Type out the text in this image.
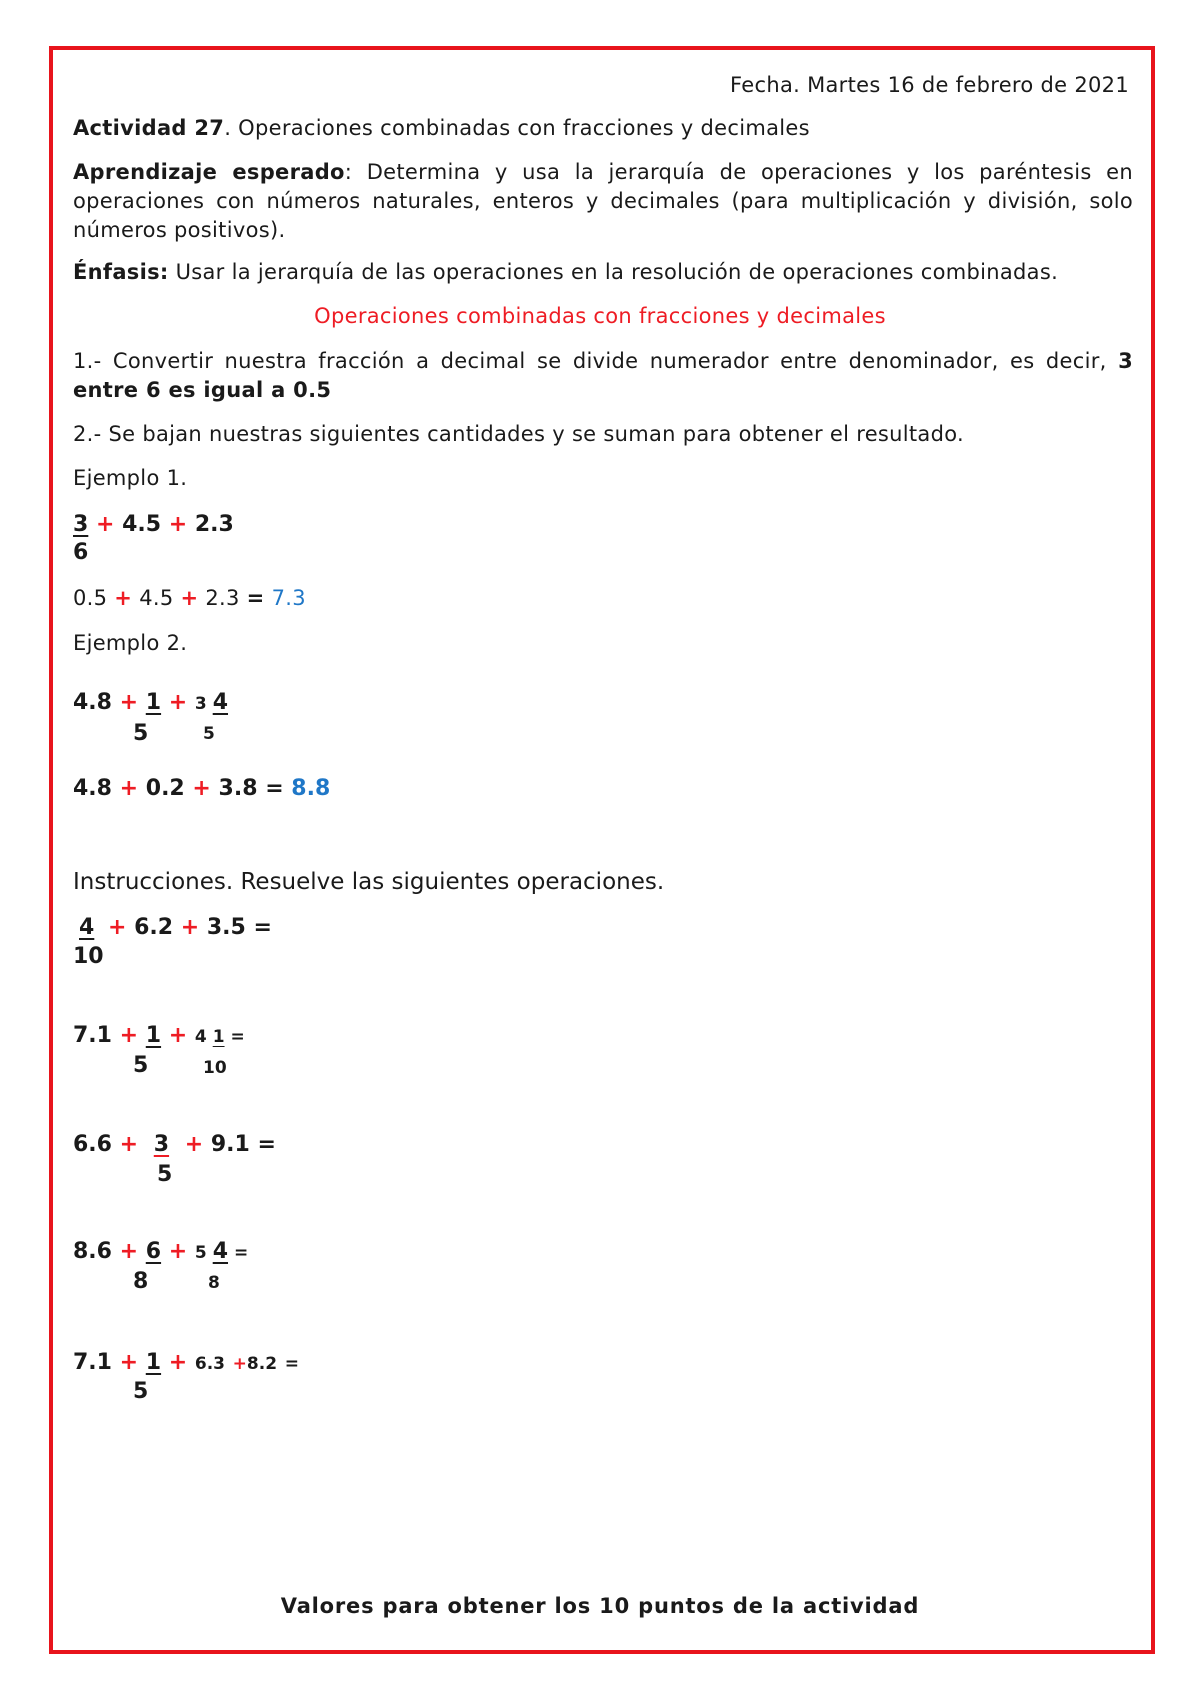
Fecha. Martes 16 de febrero de 2021
Actividad 27. Operaciones combinadas con fracciones y decimales
Aprendizaje esperado: Determina y usa la jerarquía de operaciones y los paréntesis en operaciones con números naturales, enteros y decimales (para multiplicación y división, solo números positivos).
Énfasis: Usar la jerarquía de las operaciones en la resolución de operaciones combinadas.
Operaciones combinadas con fracciones y decimales
1.- Convertir nuestra fracción a decimal se divide numerador entre denominador, es decir, 3 entre 6 es igual a 0.5
2.- Se bajan nuestras siguientes cantidades y se suman para obtener el resultado.
Ejemplo 1.
3 + 4.5 + 2.3
6
0.5 + 4.5 + 2.3 = 7.3
Ejemplo 2.
4.8 + 1 + 3 4
5	5
4.8 + 0.2 + 3.8 = 8.8
Instrucciones. Resuelve las siguientes operaciones.
4 + 6.2 + 3.5 =
10
7.1 + 1 + 4 1 =
5	10
6.6 + 3 + 9.1 =
5
8.6 + 6 + 5 4 =
8	8
7.1 + 1 + 6.3 +8.2 =
5
Valores para obtener los 10 puntos de la actividad
